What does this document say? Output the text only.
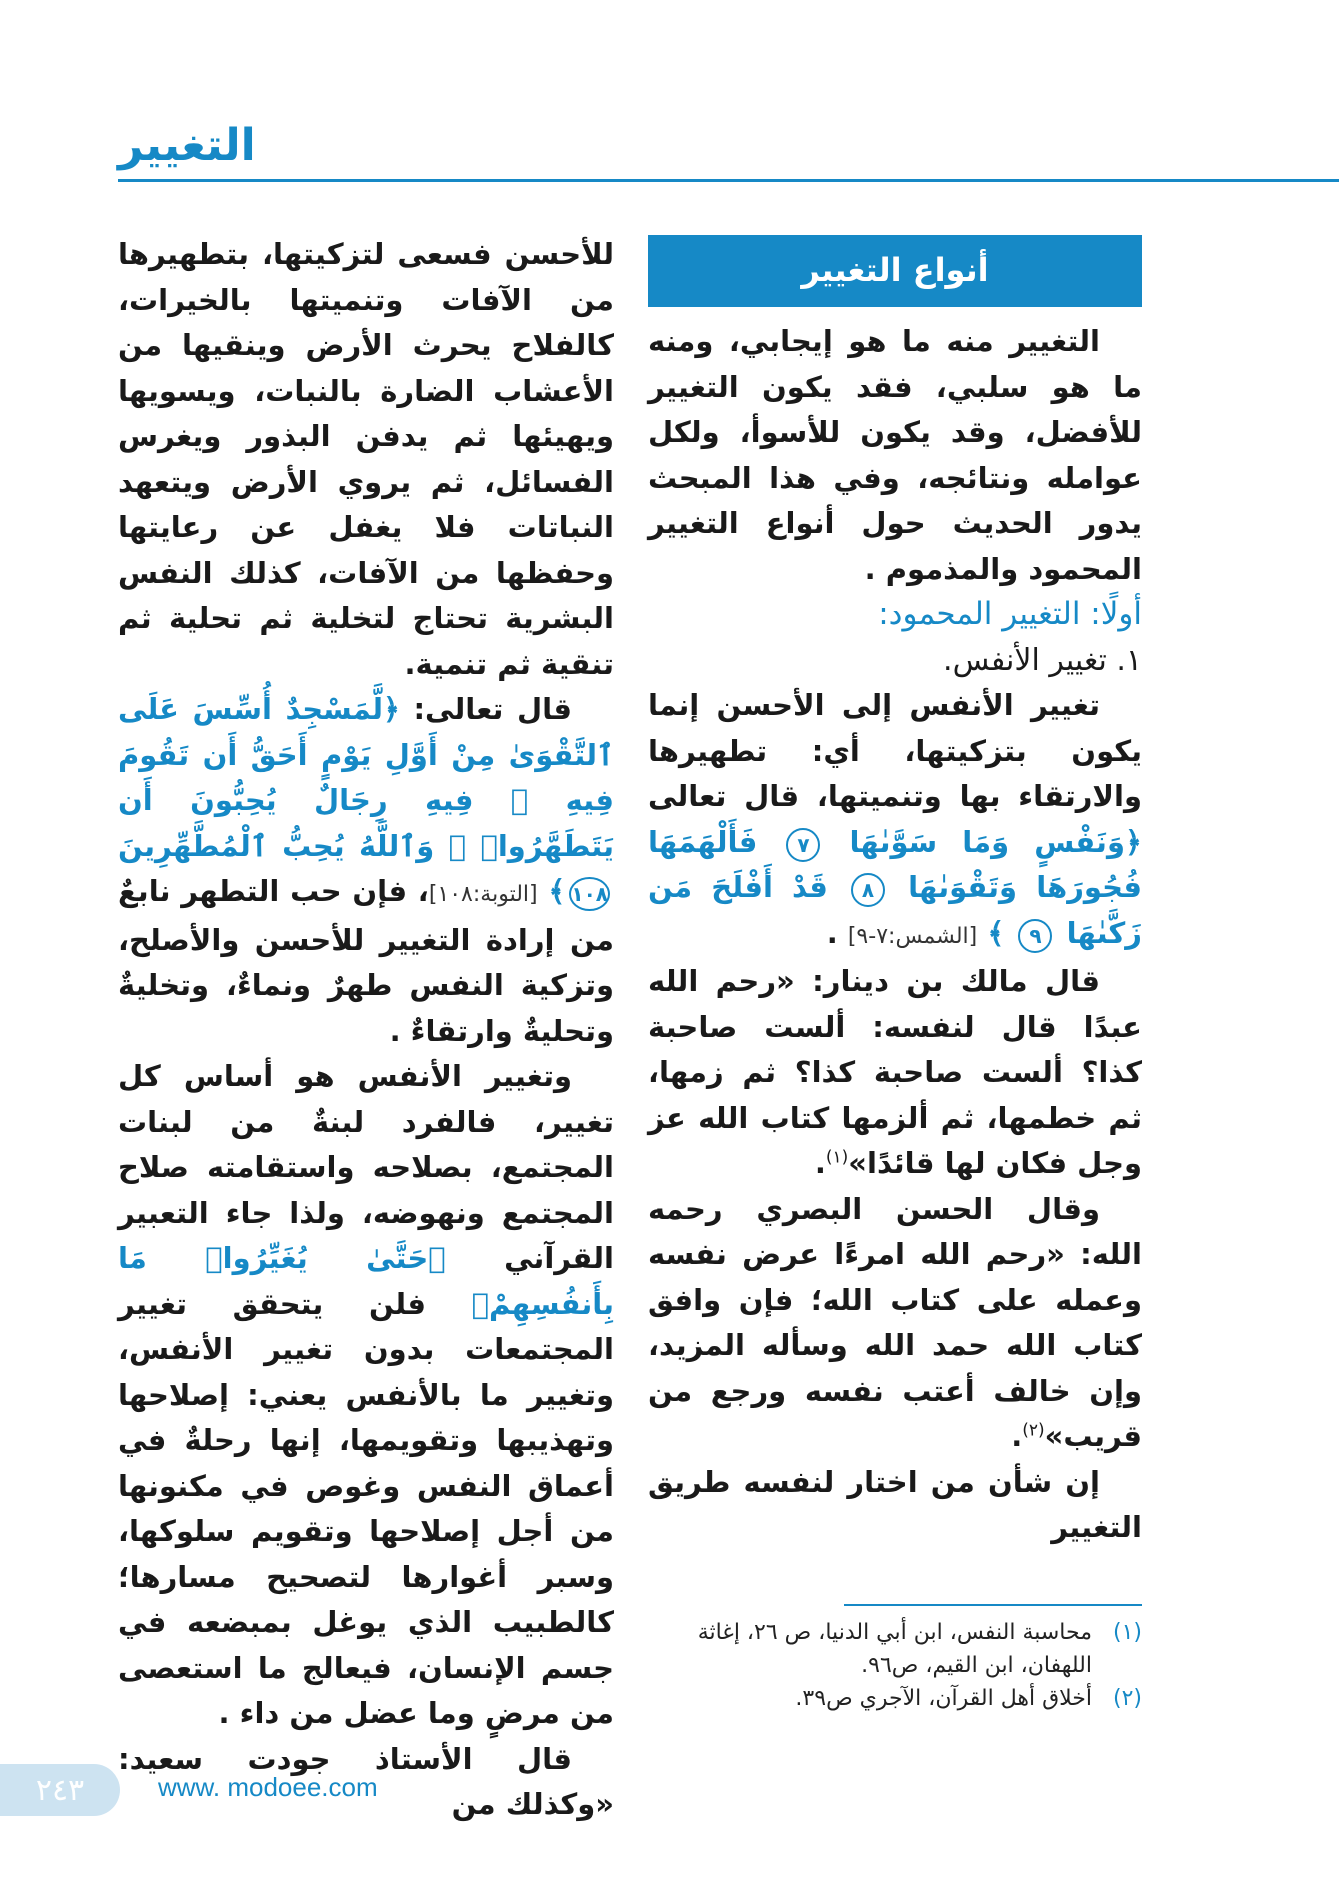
التغيير
أنواع التغيير

التغيير منه ما هو إيجابي، ومنه ما هو سلبي، فقد يكون التغيير للأفضل، وقد يكون للأسوأ، ولكل عوامله ونتائجه، وفي هذا المبحث يدور الحديث حول أنواع التغيير المحمود والمذموم .

أولًا: التغيير المحمود:

١. تغيير الأنفس.

تغيير الأنفس إلى الأحسن إنما يكون بتزكيتها، أي: تطهيرها والارتقاء بها وتنميتها، قال تعالى ﴿وَنَفْسٍ وَمَا سَوَّىٰهَا ٧ فَأَلْهَمَهَا فُجُورَهَا وَتَقْوَىٰهَا ٨ قَدْ أَفْلَحَ مَن زَكَّىٰهَا ٩ ﴾ [الشمس:٧-٩] .

قال مالك بن دينار: «رحم الله عبدًا قال لنفسه: ألست صاحبة كذا؟ ألست صاحبة كذا؟ ثم زمها، ثم خطمها، ثم ألزمها كتاب الله عز وجل فكان لها قائدًا»$^{(١)}$.

وقال الحسن البصري رحمه الله: «رحم الله امرءًا عرض نفسه وعمله على كتاب الله؛ فإن وافق كتاب الله حمد الله وسأله المزيد، وإن خالف أعتب نفسه ورجع من قريب»$^{(٢)}$.

إن شأن من اختار لنفسه طريق التغيير

(١)محاسبة النفس، ابن أبي الدنيا، ص ٢٦، إغاثة اللهفان، ابن القيم، ص٩٦.
(٢)أخلاق أهل القرآن، الآجري ص٣٩.

للأحسن فسعى لتزكيتها، بتطهيرها من الآفات وتنميتها بالخيرات، كالفلاح يحرث الأرض وينقيها من الأعشاب الضارة بالنبات، ويسويها ويهيئها ثم يدفن البذور ويغرس الفسائل، ثم يروي الأرض ويتعهد النباتات فلا يغفل عن رعايتها وحفظها من الآفات، كذلك النفس البشرية تحتاج لتخلية ثم تحلية ثم تنقية ثم تنمية.

قال تعالى: ﴿لَّمَسْجِدٌ أُسِّسَ عَلَى ٱلتَّقْوَىٰ مِنْ أَوَّلِ يَوْمٍ أَحَقُّ أَن تَقُومَ فِيهِ ۚ فِيهِ رِجَالٌ يُحِبُّونَ أَن يَتَطَهَّرُوا۟ ۚ وَٱللَّهُ يُحِبُّ ٱلْمُطَّهِّرِينَ ١٠٨﴾ [التوبة:١٠٨]، فإن حب التطهر نابعٌ من إرادة التغيير للأحسن والأصلح، وتزكية النفس طهرٌ ونماءٌ، وتخليةٌ وتحليةٌ وارتقاءٌ .

وتغيير الأنفس هو أساس كل تغيير، فالفرد لبنةٌ من لبنات المجتمع، بصلاحه واستقامته صلاح المجتمع ونهوضه، ولذا جاء التعبير القرآني ﴿حَتَّىٰ يُغَيِّرُوا۟ مَا بِأَنفُسِهِمْ﴾ فلن يتحقق تغيير المجتمعات بدون تغيير الأنفس، وتغيير ما بالأنفس يعني: إصلاحها وتهذيبها وتقويمها، إنها رحلةٌ في أعماق النفس وغوص في مكنونها من أجل إصلاحها وتقويم سلوكها، وسبر أغوارها لتصحيح مسارها؛ كالطبيب الذي يوغل بمبضعه في جسم الإنسان، فيعالج ما استعصى من مرضٍ وما عضل من داء .

قال الأستاذ جودت سعيد: «وكذلك من

٢٤٣	www. modoee.com
